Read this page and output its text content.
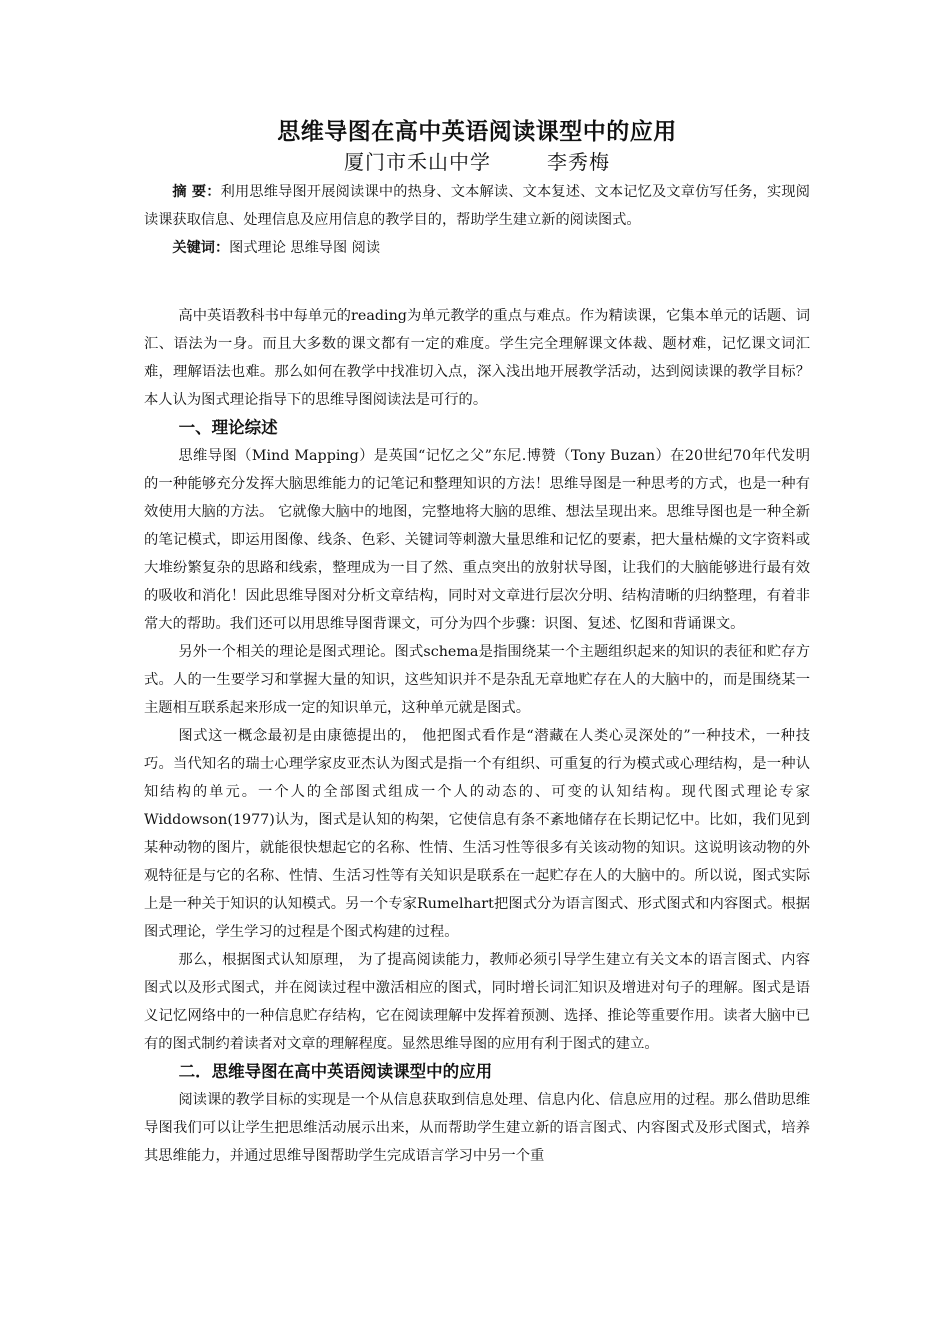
思维导图在高中英语阅读课型中的应用

厦门市禾山中学	李秀梅

摘 要：利用思维导图开展阅读课中的热身、文本解读、文本复述、文本记忆及文章仿写任务，实现阅读课获取信息、处理信息及应用信息的教学目的，帮助学生建立新的阅读图式。

关键词：图式理论 思维导图 阅读

高中英语教科书中每单元的reading为单元教学的重点与难点。作为精读课，它集本单元的话题、词汇、语法为一身。而且大多数的课文都有一定的难度。学生完全理解课文体裁、题材难，记忆课文词汇难，理解语法也难。那么如何在教学中找准切入点，深入浅出地开展教学活动，达到阅读课的教学目标？本人认为图式理论指导下的思维导图阅读法是可行的。

一、理论综述

思维导图（Mind Mapping）是英国“记忆之父”东尼.博赞（Tony Buzan）在20世纪70年代发明的一种能够充分发挥大脑思维能力的记笔记和整理知识的方法！思维导图是一种思考的方式，也是一种有效使用大脑的方法。 它就像大脑中的地图，完整地将大脑的思维、想法呈现出来。思维导图也是一种全新的笔记模式，即运用图像、线条、色彩、关键词等刺激大量思维和记忆的要素，把大量枯燥的文字资料或大堆纷繁复杂的思路和线索，整理成为一目了然、重点突出的放射状导图，让我们的大脑能够进行最有效的吸收和消化！因此思维导图对分析文章结构，同时对文章进行层次分明、结构清晰的归纳整理，有着非常大的帮助。我们还可以用思维导图背课文，可分为四个步骤：识图、复述、忆图和背诵课文。

另外一个相关的理论是图式理论。图式schema是指围绕某一个主题组织起来的知识的表征和贮存方式。人的一生要学习和掌握大量的知识，这些知识并不是杂乱无章地贮存在人的大脑中的，而是围绕某一主题相互联系起来形成一定的知识单元，这种单元就是图式。

图式这一概念最初是由康德提出的， 他把图式看作是“潜藏在人类心灵深处的”一种技术，一种技巧。当代知名的瑞士心理学家皮亚杰认为图式是指一个有组织、可重复的行为模式或心理结构，是一种认知结构的单元。一个人的全部图式组成一个人的动态的、可变的认知结构。现代图式理论专家Widdowson(1977)认为，图式是认知的构架，它使信息有条不紊地储存在长期记忆中。比如，我们见到某种动物的图片，就能很快想起它的名称、性情、生活习性等很多有关该动物的知识。这说明该动物的外观特征是与它的名称、性情、生活习性等有关知识是联系在一起贮存在人的大脑中的。所以说，图式实际上是一种关于知识的认知模式。另一个专家Rumelhart把图式分为语言图式、形式图式和内容图式。根据图式理论，学生学习的过程是个图式构建的过程。

那么，根据图式认知原理， 为了提高阅读能力，教师必须引导学生建立有关文本的语言图式、内容图式以及形式图式，并在阅读过程中激活相应的图式，同时增长词汇知识及增进对句子的理解。图式是语义记忆网络中的一种信息贮存结构，它在阅读理解中发挥着预测、选择、推论等重要作用。读者大脑中已有的图式制约着读者对文章的理解程度。显然思维导图的应用有利于图式的建立。

二．思维导图在高中英语阅读课型中的应用

阅读课的教学目标的实现是一个从信息获取到信息处理、信息内化、信息应用的过程。那么借助思维导图我们可以让学生把思维活动展示出来，从而帮助学生建立新的语言图式、内容图式及形式图式，培养其思维能力，并通过思维导图帮助学生完成语言学习中另一个重
